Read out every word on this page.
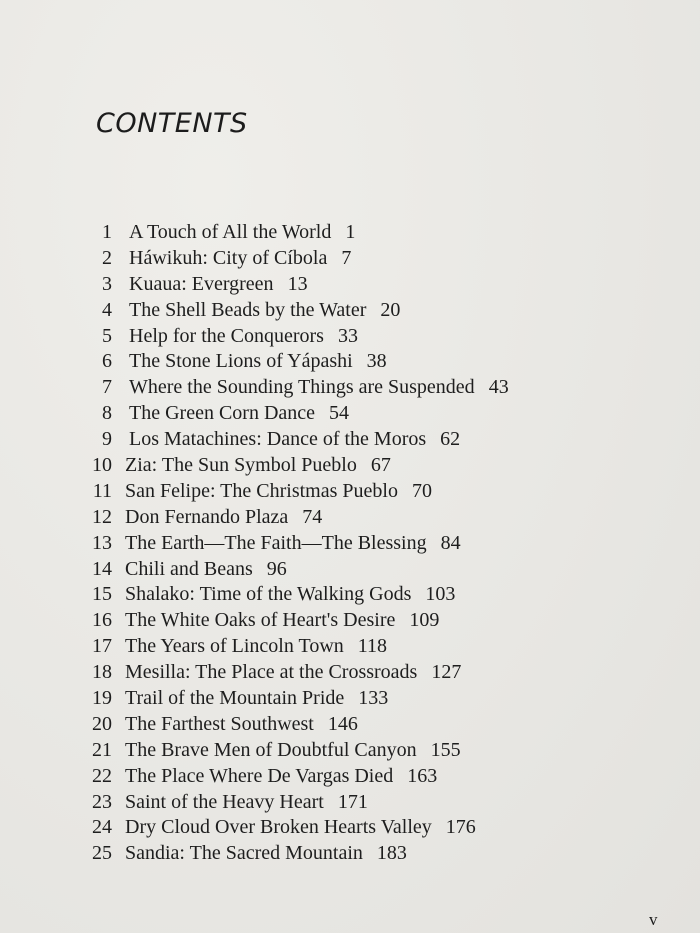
CONTENTS
1 A Touch of All the World 1
2 Háwikuh: City of Cíbola 7
3 Kuaua: Evergreen 13
4 The Shell Beads by the Water 20
5 Help for the Conquerors 33
6 The Stone Lions of Yápashi 38
7 Where the Sounding Things are Suspended 43
8 The Green Corn Dance 54
9 Los Matachines: Dance of the Moros 62
10 Zia: The Sun Symbol Pueblo 67
11 San Felipe: The Christmas Pueblo 70
12 Don Fernando Plaza 74
13 The Earth—The Faith—The Blessing 84
14 Chili and Beans 96
15 Shalako: Time of the Walking Gods 103
16 The White Oaks of Heart's Desire 109
17 The Years of Lincoln Town 118
18 Mesilla: The Place at the Crossroads 127
19 Trail of the Mountain Pride 133
20 The Farthest Southwest 146
21 The Brave Men of Doubtful Canyon 155
22 The Place Where De Vargas Died 163
23 Saint of the Heavy Heart 171
24 Dry Cloud Over Broken Hearts Valley 176
25 Sandia: The Sacred Mountain 183
v
